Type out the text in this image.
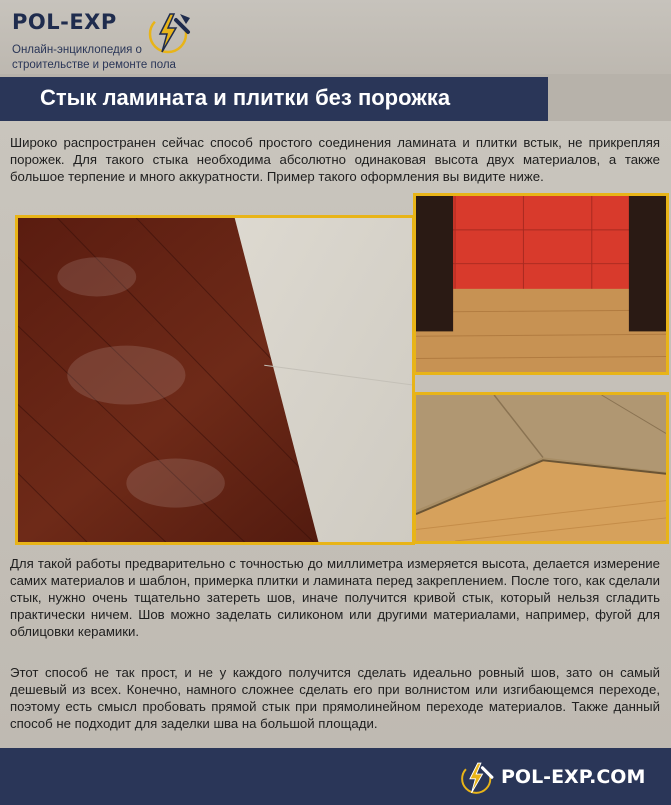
POL-EXP
Онлайн-энциклопедия о
строительстве и ремонте пола
Стык ламината и плитки без порожка

Широко распространен сейчас способ простого соединения ламината и плитки встык, не прикрепляя порожек. Для такого стыка необходима абсолютно одинаковая высота двух материалов, а также большое терпение и много аккуратности. Пример такого оформления вы видите ниже.

Для такой работы предварительно с точностью до миллиметра измеряется высота, делается измерение самих материалов и шаблон, примерка плитки и ламината перед закреплением. После того, как сделали стык, нужно очень тщательно затереть шов, иначе получится кривой стык, который нельзя сгладить практически ничем. Шов можно заделать силиконом или другими материалами, например, фугой для облицовки керамики.

Этот способ не так прост, и не у каждого получится сделать идеально ровный шов, зато он самый дешевый из всех. Конечно, намного сложнее сделать его при волнистом или изгибающемся переходе, поэтому есть смысл пробовать прямой стык при прямолинейном переходе материалов. Также данный способ не подходит для заделки шва на большой площади.

POL-EXP.COM
